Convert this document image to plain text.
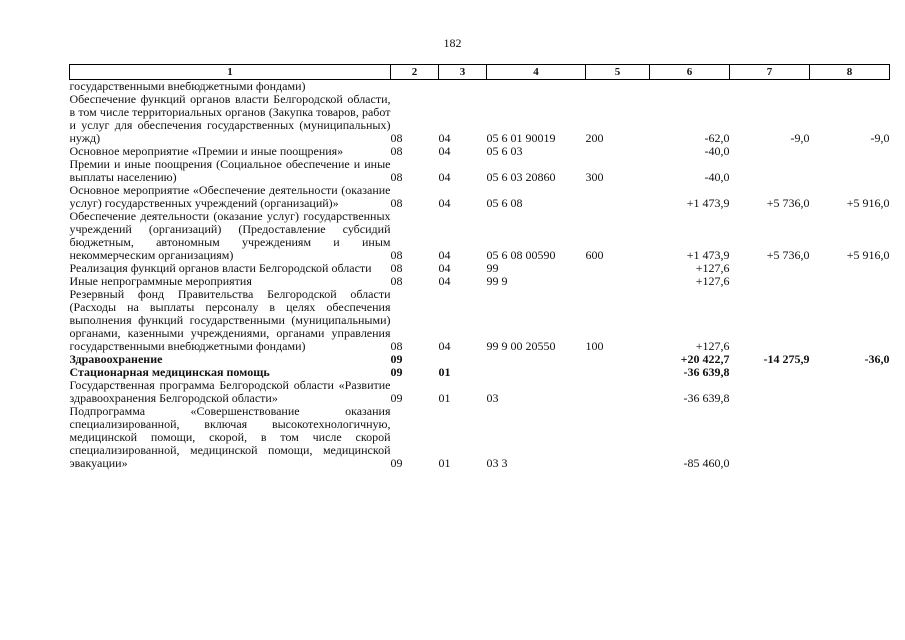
182
1	2	3	4	5	6	7	8
государственными внебюджетными фондами)							
Обеспечение функций органов власти Белгородской области, в том числе территориальных органов (Закупка товаров, работ и услуг для обеспечения государственных (муниципальных) нужд)	08	04	05 6 01 90019	200	-62,0	-9,0	-9,0
Основное мероприятие «Премии и иные поощрения»	08	04	05 6 03		-40,0		
Премии и иные поощрения (Социальное обеспечение и иные выплаты населению)	08	04	05 6 03 20860	300	-40,0		
Основное мероприятие «Обеспечение деятельности (оказание услуг) государственных учреждений (организаций)»	08	04	05 6 08		+1 473,9	+5 736,0	+5 916,0
Обеспечение деятельности (оказание услуг) государственных учреждений (организаций) (Предоставление субсидий бюджетным, автономным учреждениям и иным некоммерческим организациям)	08	04	05 6 08 00590	600	+1 473,9	+5 736,0	+5 916,0
Реализация функций органов власти Белгородской области	08	04	99		+127,6		
Иные непрограммные мероприятия	08	04	99 9		+127,6		
Резервный фонд Правительства Белгородской области (Расходы на выплаты персоналу в целях обеспечения выполнения функций государственными (муниципальными) органами, казенными учреждениями, органами управления государственными внебюджетными фондами)	08	04	99 9 00 20550	100	+127,6		
Здравоохранение	09				+20 422,7	-14 275,9	-36,0
Стационарная медицинская помощь	09	01			-36 639,8		
Государственная программа Белгородской области «Развитие здравоохранения Белгородской области»	09	01	03		-36 639,8		
Подпрограмма «Совершенствование оказания специализированной, включая высокотехнологичную, медицинской помощи, скорой, в том числе скорой специализированной, медицинской помощи, медицинской эвакуации»	09	01	03 3		-85 460,0		
